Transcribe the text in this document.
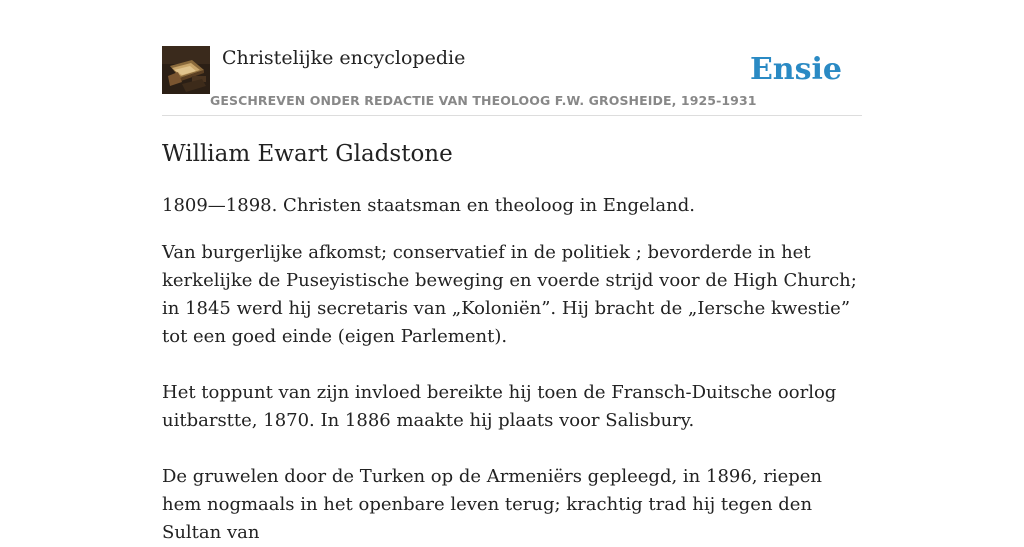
Christelijke encyclopedie
GESCHREVEN ONDER REDACTIE VAN THEOLOOG F.W. GROSHEIDE, 1925-1931
Ensie
William Ewart Gladstone

1809—1898. Christen staatsman en theoloog in Engeland.

Van burgerlijke afkomst; conservatief in de politiek ; bevorderde in het kerkelijke de Puseyistische beweging en voerde strijd voor de High Church; in 1845 werd hij secretaris van „Koloniën”. Hij bracht de „Iersche kwestie” tot een goed einde (eigen Parlement).

Het toppunt van zijn invloed bereikte hij toen de Fransch-Duitsche oorlog uitbarstte, 1870. In 1886 maakte hij plaats voor Salisbury.

De gruwelen door de Turken op de Armeniërs gepleegd, in 1896, riepen hem nogmaals in het openbare leven terug; krachtig trad hij tegen den Sultan van
